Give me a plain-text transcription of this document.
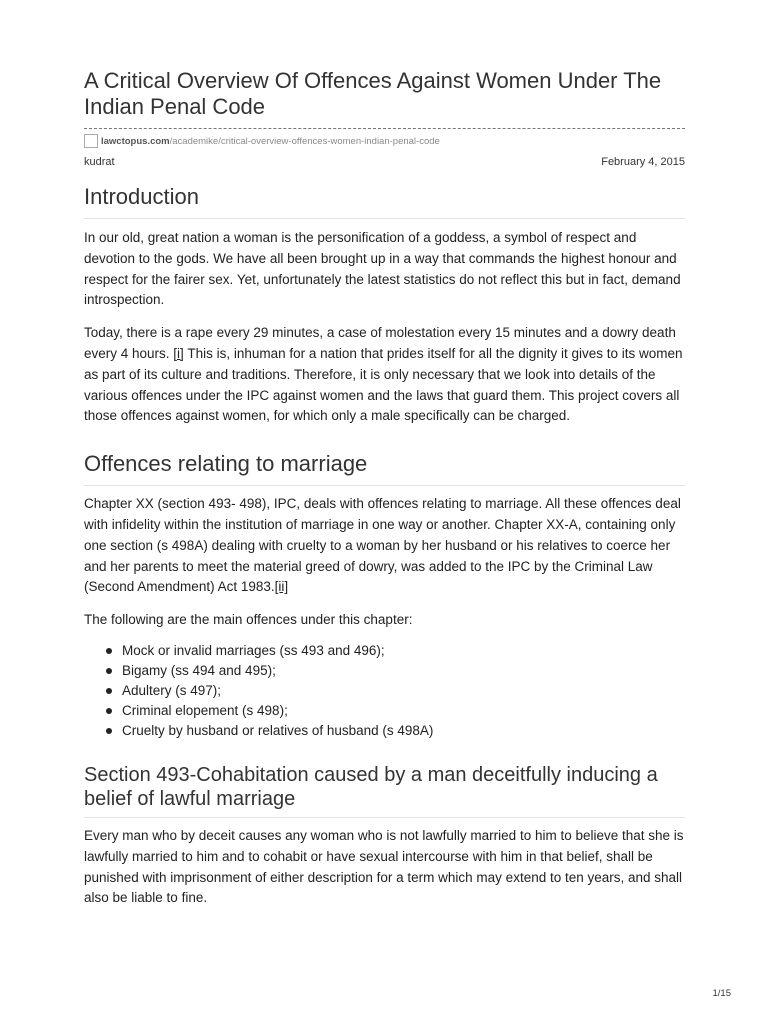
A Critical Overview Of Offences Against Women Under The Indian Penal Code
lawctopus.com/academike/critical-overview-offences-women-indian-penal-code
kudrat	February 4, 2015
Introduction

In our old, great nation a woman is the personification of a goddess, a symbol of respect and devotion to the gods. We have all been brought up in a way that commands the highest honour and respect for the fairer sex. Yet, unfortunately the latest statistics do not reflect this but in fact, demand introspection.

Today, there is a rape every 29 minutes, a case of molestation every 15 minutes and a dowry death every 4 hours. [i] This is, inhuman for a nation that prides itself for all the dignity it gives to its women as part of its culture and traditions. Therefore, it is only necessary that we look into details of the various offences under the IPC against women and the laws that guard them. This project covers all those offences against women, for which only a male specifically can be charged.

Offences relating to marriage

Chapter XX (section 493- 498), IPC, deals with offences relating to marriage. All these offences deal with infidelity within the institution of marriage in one way or another. Chapter XX-A, containing only one section (s 498A) dealing with cruelty to a woman by her husband or his relatives to coerce her and her parents to meet the material greed of dowry, was added to the IPC by the Criminal Law (Second Amendment) Act 1983.[ii]

The following are the main offences under this chapter:

Mock or invalid marriages (ss 493 and 496);
Bigamy (ss 494 and 495);
Adultery (s 497);
Criminal elopement (s 498);
Cruelty by husband or relatives of husband (s 498A)
Section 493-Cohabitation caused by a man deceitfully inducing a belief of lawful marriage

Every man who by deceit causes any woman who is not lawfully married to him to believe that she is lawfully married to him and to cohabit or have sexual intercourse with him in that belief, shall be punished with imprisonment of either description for a term which may extend to ten years, and shall also be liable to fine.

1/15
